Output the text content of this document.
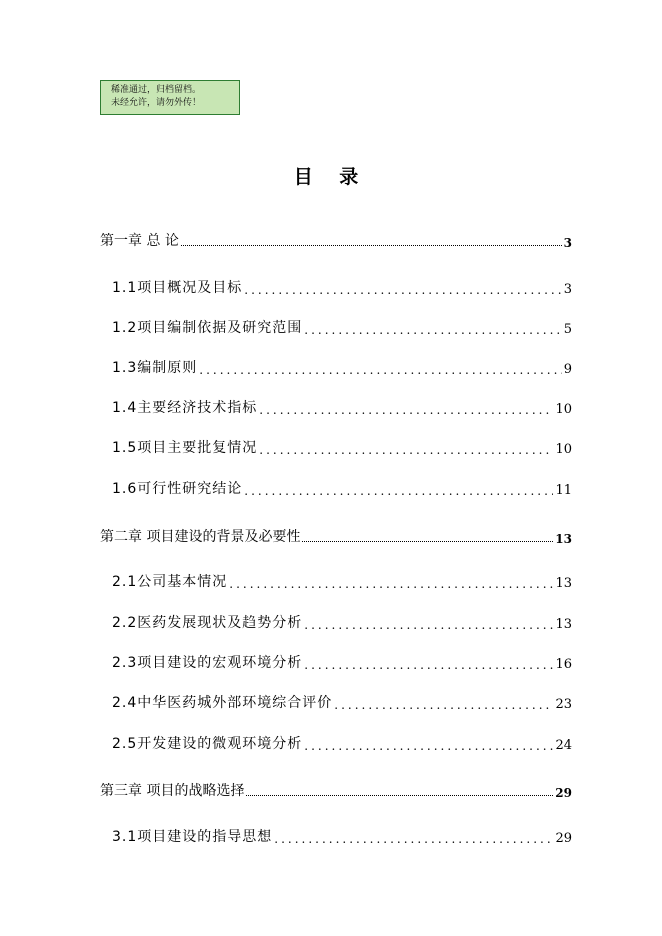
稀准通过，归档留档。
未经允许，请勿外传！
目 录
第一章 总 论	3
1.1项目概况及目标 .....	3
1.2项目编制依据及研究范围 .....	5
1.3编制原则 .....	9
1.4主要经济技术指标 .....	10
1.5项目主要批复情况 .....	10
1.6可行性研究结论 .....	11
第二章 项目建设的背景及必要性	13
2.1公司基本情况 .....	13
2.2医药发展现状及趋势分析 .....	13
2.3项目建设的宏观环境分析 .....	16
2.4中华医药城外部环境综合评价 .....	23
2.5开发建设的微观环境分析 .....	24
第三章 项目的战略选择	29
3.1项目建设的指导思想 .....	29
